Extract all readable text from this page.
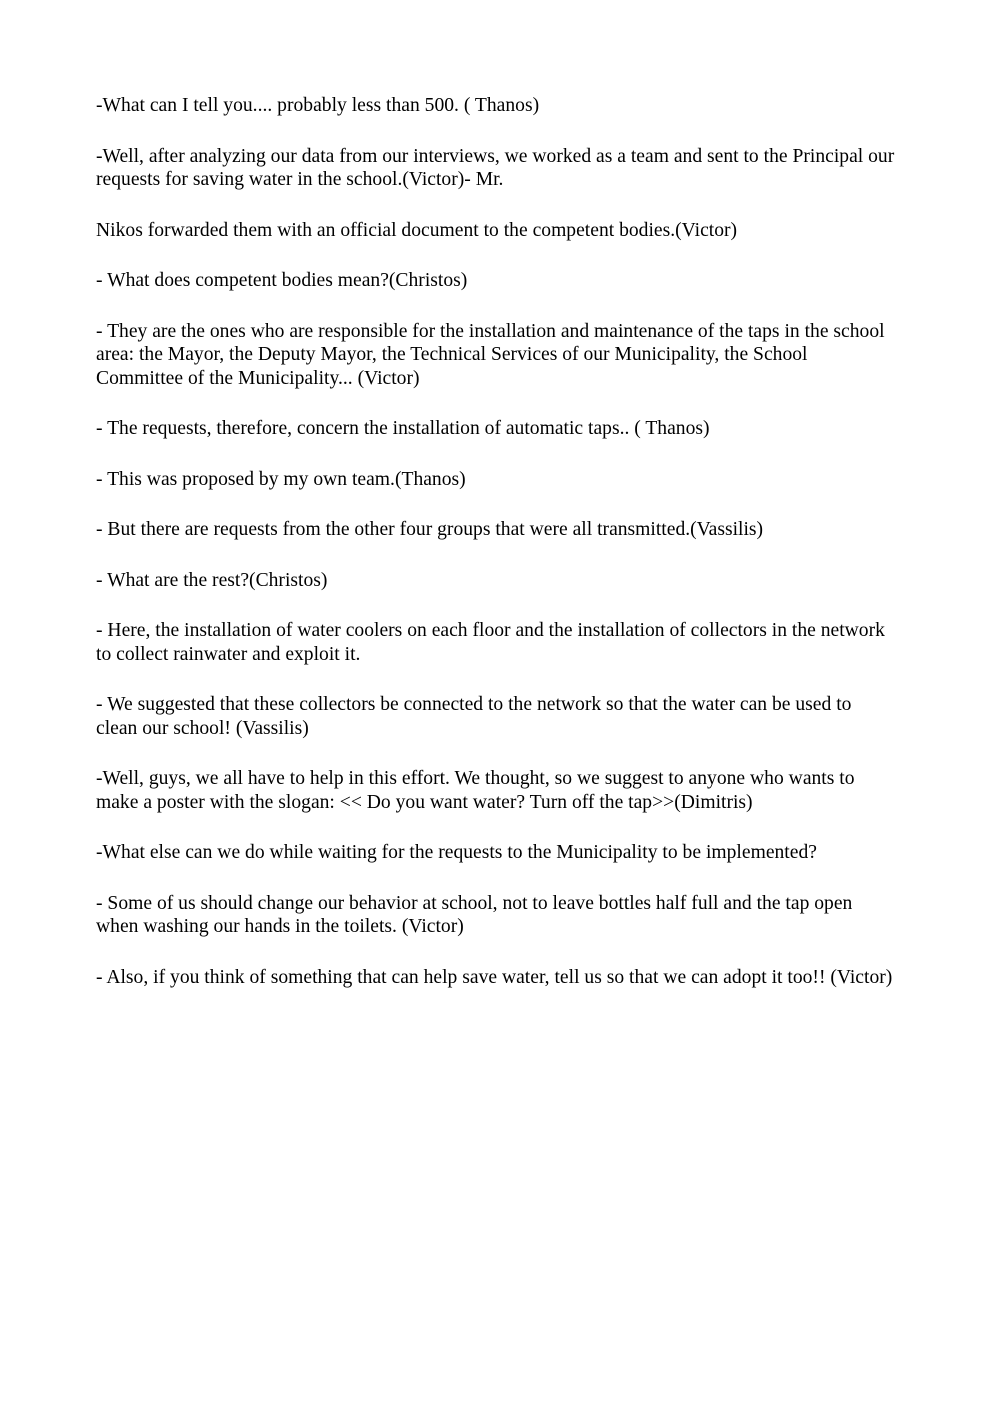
-What can I tell you.... probably less than 500. ( Thanos)

-Well, after analyzing our data from our interviews, we worked as a team and sent to the Principal our requests for saving water in the school.(Victor)- Mr.

Nikos forwarded them with an official document to the competent bodies.(Victor)

- What does competent bodies mean?(Christos)

- They are the ones who are responsible for the installation and maintenance of the taps in the school area: the Mayor, the Deputy Mayor, the Technical Services of our Municipality, the School Committee of the Municipality... (Victor)

- The requests, therefore, concern the installation of automatic taps.. ( Thanos)

- This was proposed by my own team.(Thanos)

- But there are requests from the other four groups that were all transmitted.(Vassilis)

- What are the rest?(Christos)

- Here, the installation of water coolers on each floor and the installation of collectors in the network to collect rainwater and exploit it.

- We suggested that these collectors be connected to the network so that the water can be used to clean our school! (Vassilis)

-Well, guys, we all have to help in this effort. We thought, so we suggest to anyone who wants to make a poster with the slogan: << Do you want water? Turn off the tap>>(Dimitris)

-What else can we do while waiting for the requests to the Municipality to be implemented?

- Some of us should change our behavior at school, not to leave bottles half full and the tap open when washing our hands in the toilets. (Victor)

- Also, if you think of something that can help save water, tell us so that we can adopt it too!! (Victor)
